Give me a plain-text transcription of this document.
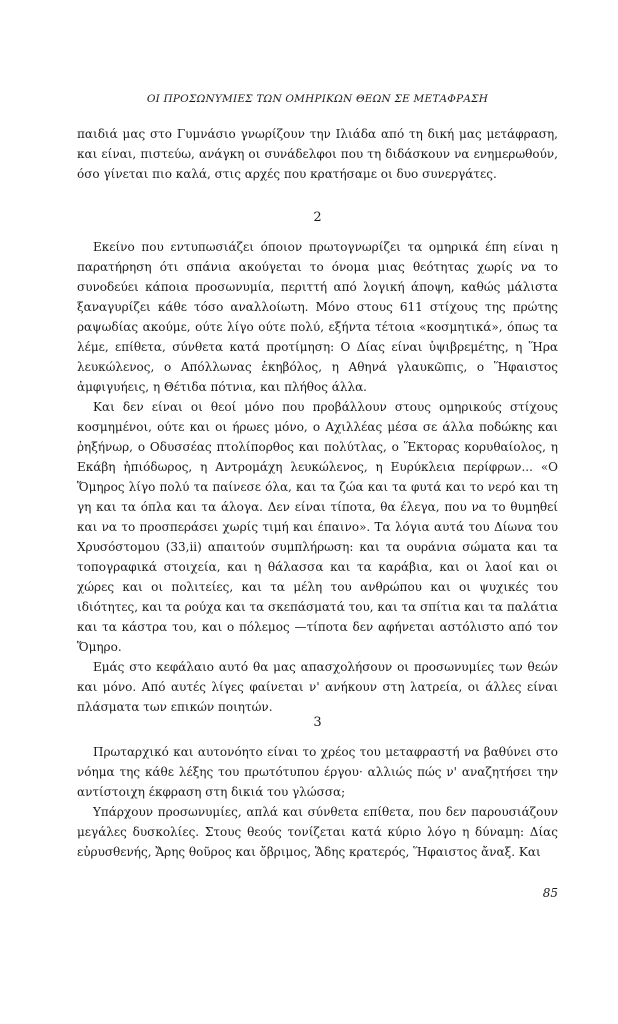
ΟΙ ΠΡΟΣΩΝΥΜΙΕΣ ΤΩΝ ΟΜΗΡΙΚΩΝ ΘΕΩΝ ΣΕ ΜΕΤΑΦΡΑΣΗ

παιδιά μας στο Γυμνάσιο γνωρίζουν την Ιλιάδα από τη δική μας μετάφραση, και είναι, πιστεύω, ανάγκη οι συνάδελφοι που τη διδάσκουν να ενημερωθούν, όσο γίνεται πιο καλά, στις αρχές που κρατήσαμε οι δυο συνεργάτες.

2

Εκείνο που εντυπωσιάζει όποιον πρωτογνωρίζει τα ομηρικά έπη είναι η παρατήρηση ότι σπάνια ακούγεται το όνομα μιας θεότητας χωρίς να το συνοδεύει κάποια προσωνυμία, περιττή από λογική άποψη, καθώς μάλιστα ξαναγυρίζει κάθε τόσο αναλλοίωτη. Μόνο στους 611 στίχους της πρώτης ραψωδίας ακούμε, ούτε λίγο ούτε πολύ, εξήντα τέτοια «κοσμητικά», όπως τα λέμε, επίθετα, σύνθετα κατά προτίμηση: Ο Δίας είναι ὑψιβρεμέτης, η Ἥρα λευκώλενος, ο Απόλλωνας ἑκηβόλος, η Αθηνά γλαυκῶπις, ο Ἥφαιστος ἀμφιγυήεις, η Θέτιδα πότνια, και πλήθος άλλα.

Και δεν είναι οι θεοί μόνο που προβάλλουν στους ομηρικούς στίχους κοσμημένοι, ούτε και οι ήρωες μόνο, ο Αχιλλέας μέσα σε άλλα ποδώκης και ῥηξήνωρ, ο Οδυσσέας πτολίπορθος και πολύτλας, ο Ἕκτορας κορυθαίολος, η Εκάβη ἠπιόδωρος, η Αντρομάχη λευκώλενος, η Ευρύκλεια περίφρων... «Ο Ὅμηρος λίγο πολύ τα παίνεσε όλα, και τα ζώα και τα φυτά και το νερό και τη γη και τα όπλα και τα άλογα. Δεν είναι τίποτα, θα έλεγα, που να το θυμηθεί και να το προσπεράσει χωρίς τιμή και έπαινο». Τα λόγια αυτά του Δίωνα του Χρυσόστομου (33,ii) απαιτούν συμπλήρωση: και τα ουράνια σώματα και τα τοπογραφικά στοιχεία, και η θάλασσα και τα καράβια, και οι λαοί και οι χώρες και οι πολιτείες, και τα μέλη του ανθρώπου και οι ψυχικές του ιδιότητες, και τα ρούχα και τα σκεπάσματά του, και τα σπίτια και τα παλάτια και τα κάστρα του, και ο πόλεμος —τίποτα δεν αφήνεται αστόλιστο από τον Ὅμηρο.

Εμάς στο κεφάλαιο αυτό θα μας απασχολήσουν οι προσωνυμίες των θεών και μόνο. Από αυτές λίγες φαίνεται ν' ανήκουν στη λατρεία, οι άλλες είναι πλάσματα των επικών ποιητών.

3

Πρωταρχικό και αυτονόητο είναι το χρέος του μεταφραστή να βαθύνει στο νόημα της κάθε λέξης του πρωτότυπου έργου· αλλιώς πώς ν' αναζητήσει την αντίστοιχη έκφραση στη δικιά του γλώσσα;

Υπάρχουν προσωνυμίες, απλά και σύνθετα επίθετα, που δεν παρουσιάζουν μεγάλες δυσκολίες. Στους θεούς τονίζεται κατά κύριο λόγο η δύναμη: Δίας εὐρυσθενής, Ἄρης θοῦρος και ὄβριμος, Ἅδης κρατερός, Ἥφαιστος ἄναξ. Και

85
